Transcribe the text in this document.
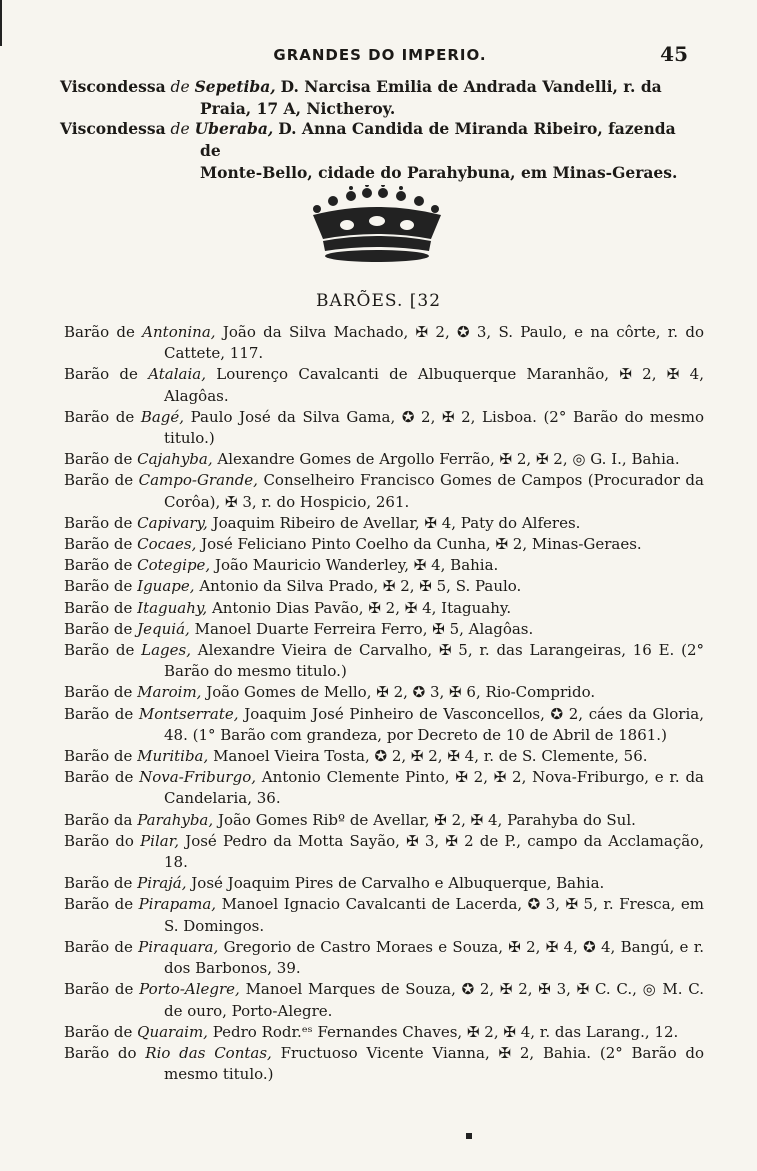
GRANDES DO IMPERIO.	45
Viscondessa de Sepetiba, D. Narcisa Emilia de Andrada Vandelli, r. da
Praia, 17 A, Nictheroy.
Viscondessa de Uberaba, D. Anna Candida de Miranda Ribeiro, fazenda de
Monte-Bello, cidade do Parahybuna, em Minas-Geraes.
BARÕES. [32
Barão de Antonina, João da Silva Machado, ✠ 2, ✪ 3, S. Paulo, e na côrte, r. do Cattete, 117.
Barão de Atalaia, Lourenço Cavalcanti de Albuquerque Maranhão, ✠ 2, ✠ 4, Alagôas.
Barão de Bagé, Paulo José da Silva Gama, ✪ 2, ✠ 2, Lisboa. (2° Barão do mesmo titulo.)
Barão de Cajahyba, Alexandre Gomes de Argollo Ferrão, ✠ 2, ✠ 2, ◎ G. I., Bahia.
Barão de Campo-Grande, Conselheiro Francisco Gomes de Campos (Procurador da Corôa), ✠ 3, r. do Hospicio, 261.
Barão de Capivary, Joaquim Ribeiro de Avellar, ✠ 4, Paty do Alferes.
Barão de Cocaes, José Feliciano Pinto Coelho da Cunha, ✠ 2, Minas-Geraes.
Barão de Cotegipe, João Mauricio Wanderley, ✠ 4, Bahia.
Barão de Iguape, Antonio da Silva Prado, ✠ 2, ✠ 5, S. Paulo.
Barão de Itaguahy, Antonio Dias Pavão, ✠ 2, ✠ 4, Itaguahy.
Barão de Jequiá, Manoel Duarte Ferreira Ferro, ✠ 5, Alagôas.
Barão de Lages, Alexandre Vieira de Carvalho, ✠ 5, r. das Larangeiras, 16 E. (2° Barão do mesmo titulo.)
Barão de Maroim, João Gomes de Mello, ✠ 2, ✪ 3, ✠ 6, Rio-Comprido.
Barão de Montserrate, Joaquim José Pinheiro de Vasconcellos, ✪ 2, cáes da Gloria, 48. (1° Barão com grandeza, por Decreto de 10 de Abril de 1861.)
Barão de Muritiba, Manoel Vieira Tosta, ✪ 2, ✠ 2, ✠ 4, r. de S. Clemente, 56.
Barão de Nova-Friburgo, Antonio Clemente Pinto, ✠ 2, ✠ 2, Nova-Friburgo, e r. da Candelaria, 36.
Barão da Parahyba, João Gomes Ribº de Avellar, ✠ 2, ✠ 4, Parahyba do Sul.
Barão do Pilar, José Pedro da Motta Sayão, ✠ 3, ✠ 2 de P., campo da Acclamação, 18.
Barão de Pirajá, José Joaquim Pires de Carvalho e Albuquerque, Bahia.
Barão de Pirapama, Manoel Ignacio Cavalcanti de Lacerda, ✪ 3, ✠ 5, r. Fresca, em S. Domingos.
Barão de Piraquara, Gregorio de Castro Moraes e Souza, ✠ 2, ✠ 4, ✪ 4, Bangú, e r. dos Barbonos, 39.
Barão de Porto-Alegre, Manoel Marques de Souza, ✪ 2, ✠ 2, ✠ 3, ✠ C. C., ◎ M. C. de ouro, Porto-Alegre.
Barão de Quaraim, Pedro Rodr.ᵉˢ Fernandes Chaves, ✠ 2, ✠ 4, r. das Larang., 12.
Barão do Rio das Contas, Fructuoso Vicente Vianna, ✠ 2, Bahia. (2° Barão do mesmo titulo.)
